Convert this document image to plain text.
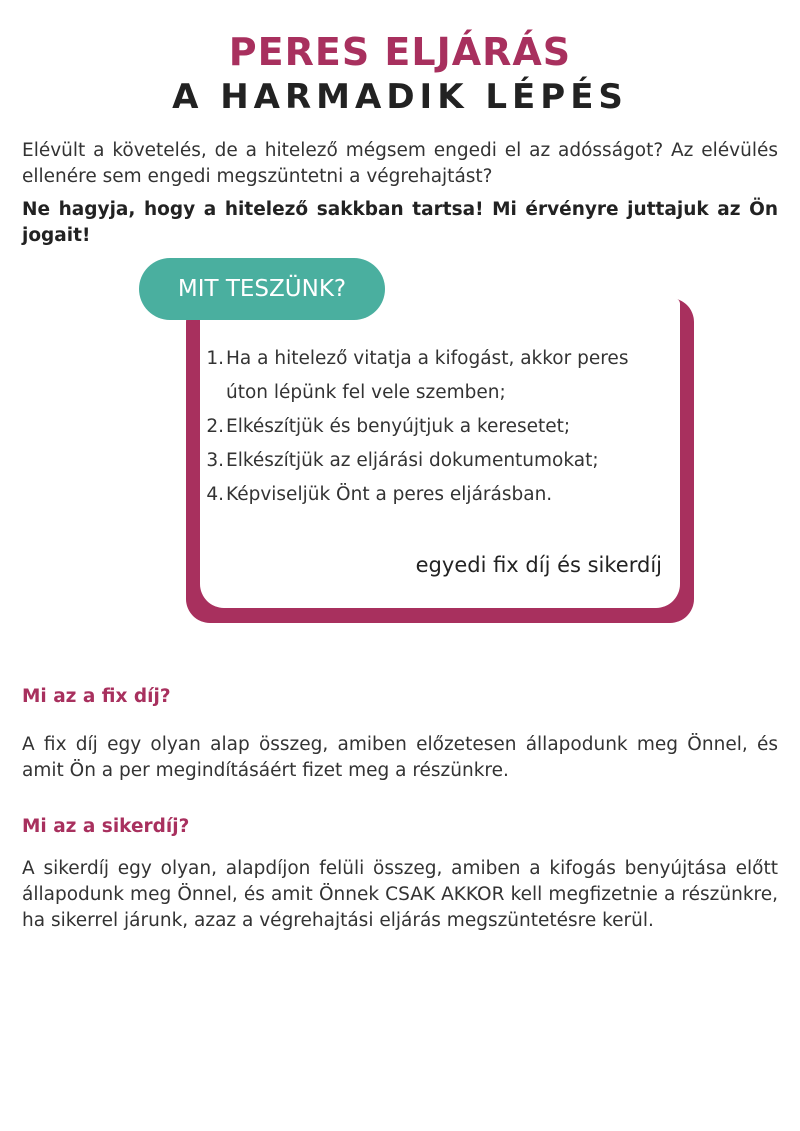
PERES ELJÁRÁS
A HARMADIK LÉPÉS

Elévült a követelés, de a hitelező mégsem engedi el az adósságot? Az elévülés ellenére sem engedi megszüntetni a végrehajtást?

Ne hagyja, hogy a hitelező sakkban tartsa! Mi érvényre juttajuk az Ön jogait!

MIT TESZÜNK?
1. Ha a hitelező vitatja a kifogást, akkor peres úton lépünk fel vele szemben;
2. Elkészítjük és benyújtjuk a keresetet;
3. Elkészítjük az eljárási dokumentumokat;
4. Képviseljük Önt a peres eljárásban.
egyedi fix díj és sikerdíj
Mi az a fix díj?

A fix díj egy olyan alap összeg, amiben előzetesen állapodunk meg Önnel, és amit Ön a per megindításáért fizet meg a részünkre.

Mi az a sikerdíj?

A sikerdíj egy olyan, alapdíjon felüli összeg, amiben a kifogás benyújtása előtt állapodunk meg Önnel, és amit Önnek CSAK AKKOR kell megfizetnie a részünkre, ha sikerrel járunk, azaz a végrehajtási eljárás megszüntetésre kerül.
